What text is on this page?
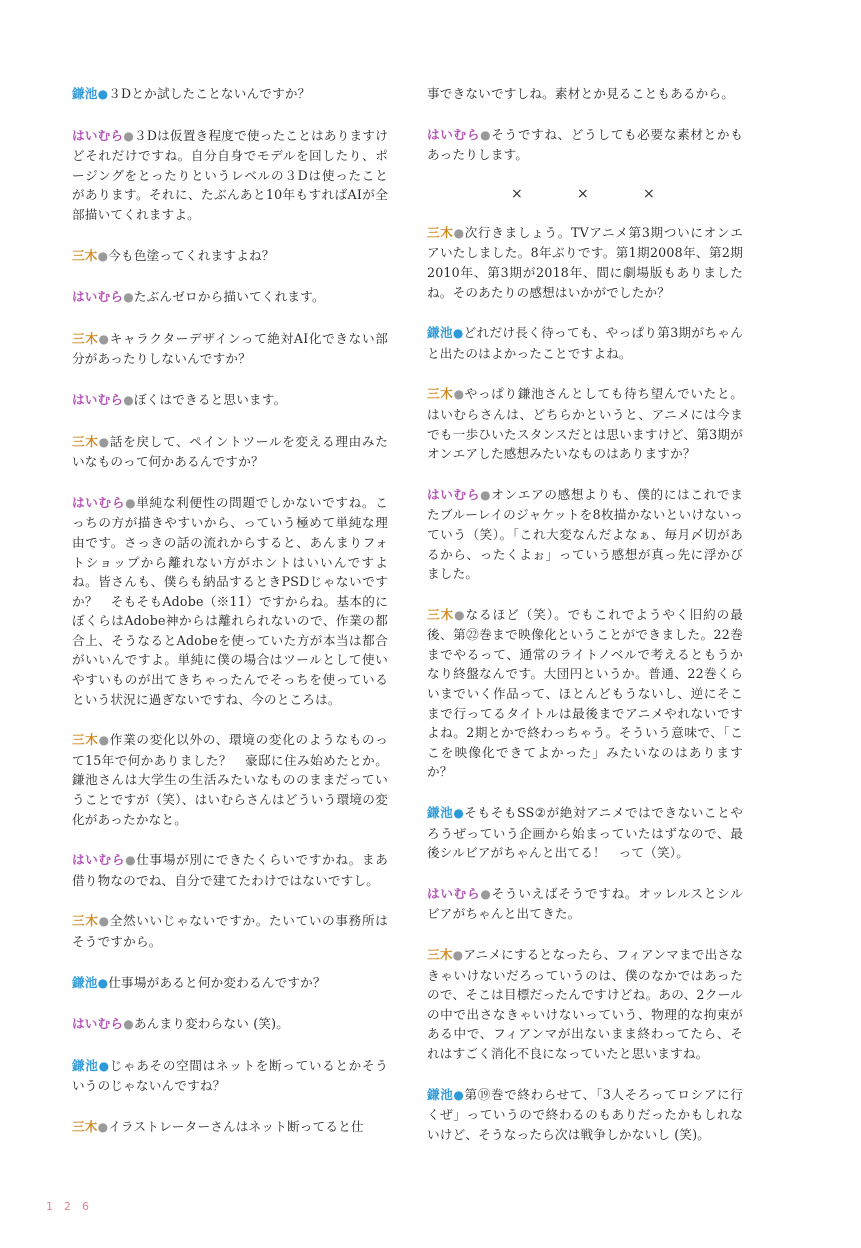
鎌池●３Dとか試したことないんですか？

はいむら●３Dは仮置き程度で使ったことはありますけどそれだけですね。自分自身でモデルを回したり、ポージングをとったりというレベルの３Dは使ったことがあります。それに、たぶんあと10年もすればAIが全部描いてくれますよ。

三木●今も色塗ってくれますよね？

はいむら●たぶんゼロから描いてくれます。

三木●キャラクターデザインって絶対AI化できない部分があったりしないんですか？

はいむら●ぼくはできると思います。

三木●話を戻して、ペイントツールを変える理由みたいなものって何かあるんですか？

はいむら●単純な利便性の問題でしかないですね。こっちの方が描きやすいから、っていう極めて単純な理由です。さっきの話の流れからすると、あんまりフォトショップから離れない方がホントはいいんですよね。皆さんも、僕らも納品するときPSDじゃないですか？　そもそもAdobe（※11）ですからね。基本的にぼくらはAdobe神からは離れられないので、作業の都合上、そうなるとAdobeを使っていた方が本当は都合がいいんですよ。単純に僕の場合はツールとして使いやすいものが出てきちゃったんでそっちを使っているという状況に過ぎないですね、今のところは。

三木●作業の変化以外の、環境の変化のようなものって15年で何かありました？　豪邸に住み始めたとか。鎌池さんは大学生の生活みたいなもののままだっていうことですが（笑）、はいむらさんはどういう環境の変化があったかなと。

はいむら●仕事場が別にできたくらいですかね。まあ借り物なのでね、自分で建てたわけではないですし。

三木●全然いいじゃないですか。たいていの事務所はそうですから。

鎌池●仕事場があると何か変わるんですか？

はいむら●あんまり変わらない (笑)。

鎌池●じゃあその空間はネットを断っているとかそういうのじゃないんですね？

三木●イラストレーターさんはネット断ってると仕

事できないですしね。素材とか見ることもあるから。

はいむら●そうですね、どうしても必要な素材とかもあったりします。

×	×	×

三木●次行きましょう。TVアニメ第3期ついにオンエアいたしました。8年ぶりです。第1期2008年、第2期2010年、第3期が2018年、間に劇場版もありましたね。そのあたりの感想はいかがでしたか？

鎌池●どれだけ長く待っても、やっぱり第3期がちゃんと出たのはよかったことですよね。

三木●やっぱり鎌池さんとしても待ち望んでいたと。はいむらさんは、どちらかというと、アニメには今までも一歩ひいたスタンスだとは思いますけど、第3期がオンエアした感想みたいなものはありますか？

はいむら●オンエアの感想よりも、僕的にはこれでまたブルーレイのジャケットを8枚描かないといけないっていう（笑）。「これ大変なんだよなぁ、毎月〆切があるから、ったくよぉ」っていう感想が真っ先に浮かびました。

三木●なるほど（笑）。でもこれでようやく旧約の最後、第㉒巻まで映像化ということができました。22巻までやるって、通常のライトノベルで考えるともうかなり終盤なんです。大団円というか。普通、22巻くらいまでいく作品って、ほとんどもうないし、逆にそこまで行ってるタイトルは最後までアニメやれないですよね。2期とかで終わっちゃう。そういう意味で、「ここを映像化できてよかった」みたいなのはありますか？

鎌池●そもそもSS②が絶対アニメではできないことやろうぜっていう企画から始まっていたはずなので、最後シルビアがちゃんと出てる！　って（笑）。

はいむら●そういえばそうですね。オッレルスとシルビアがちゃんと出てきた。

三木●アニメにするとなったら、フィアンマまで出さなきゃいけないだろっていうのは、僕のなかではあったので、そこは目標だったんですけどね。あの、2クールの中で出さなきゃいけないっていう、物理的な拘束がある中で、フィアンマが出ないまま終わってたら、それはすごく消化不良になっていたと思いますね。

鎌池●第⑲巻で終わらせて、「3人そろってロシアに行くぜ」っていうので終わるのもありだったかもしれないけど、そうなったら次は戦争しかないし (笑)。

126
